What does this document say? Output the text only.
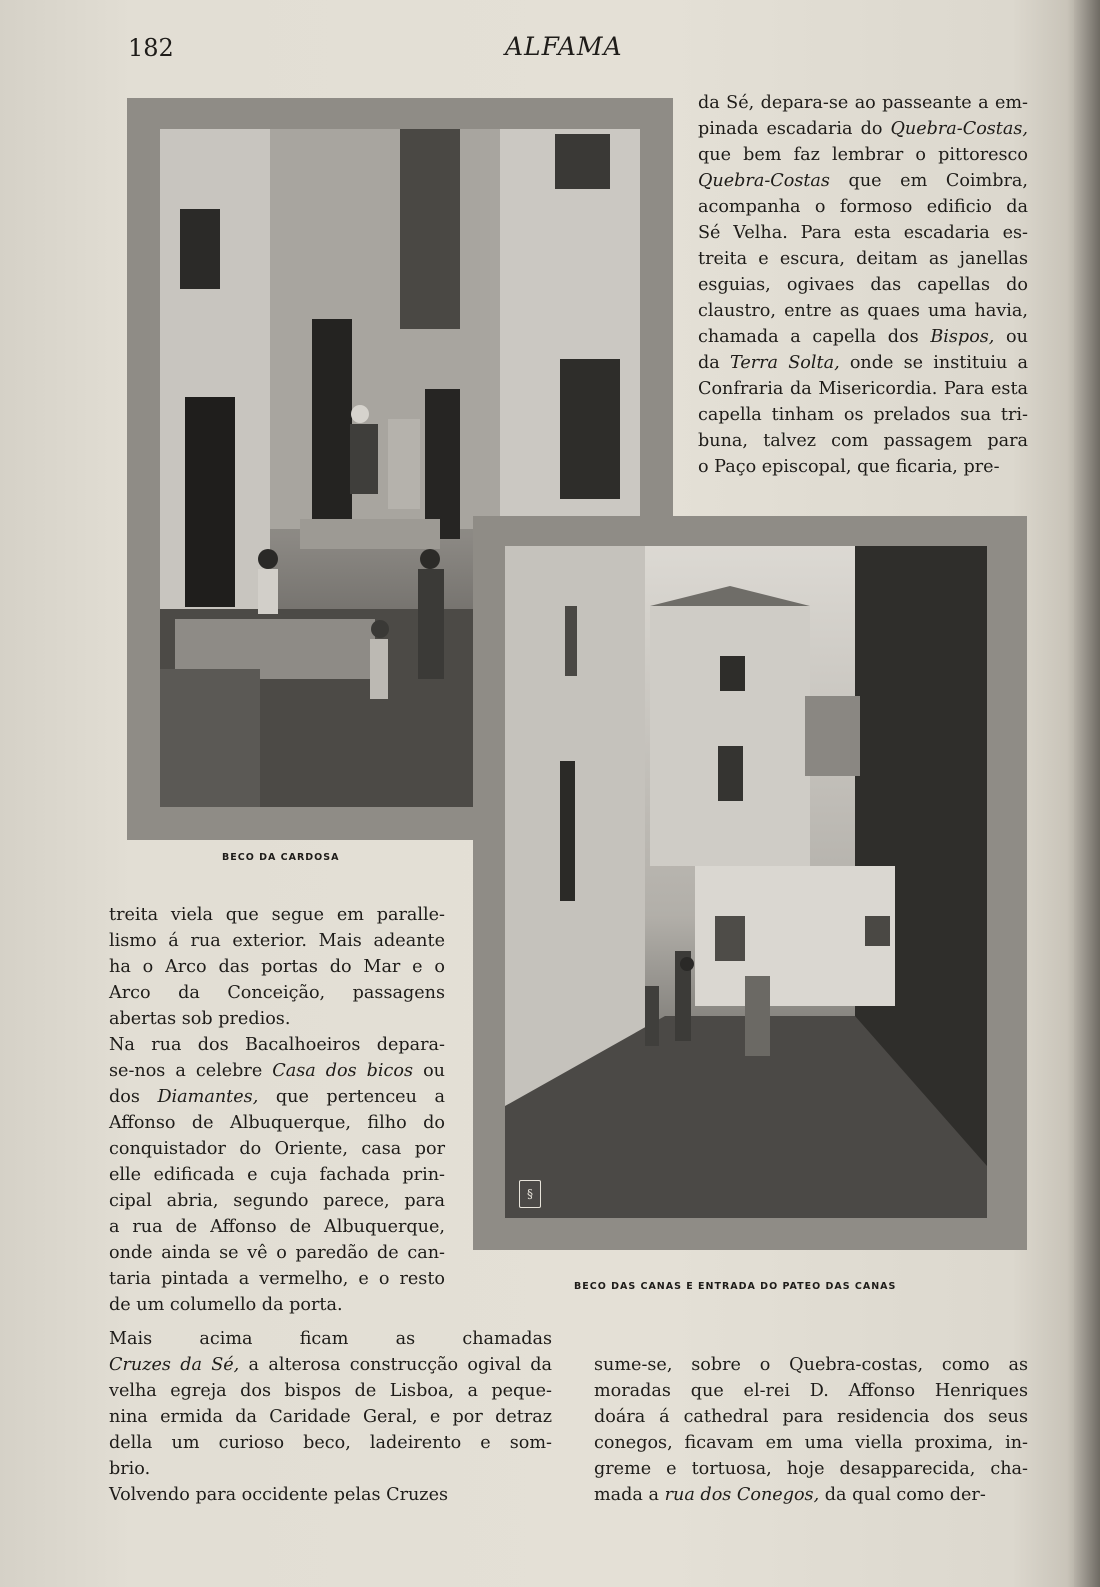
182	ALFAMA
da Sé, depara-se ao passeante a em-
pinada escadaria do Quebra-Costas,
que bem faz lembrar o pittoresco
Quebra-Costas que em Coimbra,
acompanha o formoso edificio da
Sé Velha. Para esta escadaria es-
treita e escura, deitam as janellas
esguias, ogivaes das capellas do
claustro, entre as quaes uma havia,
chamada a capella dos Bispos, ou
da Terra Solta, onde se instituiu a
Confraria da Misericordia. Para esta
capella tinham os prelados sua tri-
buna, talvez com passagem para
o Paço episcopal, que ficaria, pre-
BECO DA CARDOSA
§
BECO DAS CANAS E ENTRADA DO PATEO DAS CANAS
treita viela que segue em paralle-
lismo á rua exterior. Mais adeante
ha o Arco das portas do Mar e o
Arco da Conceição, passagens
abertas sob predios.
Na rua dos Bacalhoeiros depara-
se-nos a celebre Casa dos bicos ou
dos Diamantes, que pertenceu a
Affonso de Albuquerque, filho do
conquistador do Oriente, casa por
elle edificada e cuja fachada prin-
cipal abria, segundo parece, para
a rua de Affonso de Albuquerque,
onde ainda se vê o paredão de can-
taria pintada a vermelho, e o resto
de um columello da porta.
Mais acima ficam as chamadas
Cruzes da Sé, a alterosa construcção ogival da
velha egreja dos bispos de Lisboa, a peque-
nina ermida da Caridade Geral, e por detraz
della um curioso beco, ladeirento e som-
brio.
Volvendo para occidente pelas Cruzes
sume-se, sobre o Quebra-costas, como as
moradas que el-rei D. Affonso Henriques
doára á cathedral para residencia dos seus
conegos, ficavam em uma viella proxima, in-
greme e tortuosa, hoje desapparecida, cha-
mada a rua dos Conegos, da qual como der-
